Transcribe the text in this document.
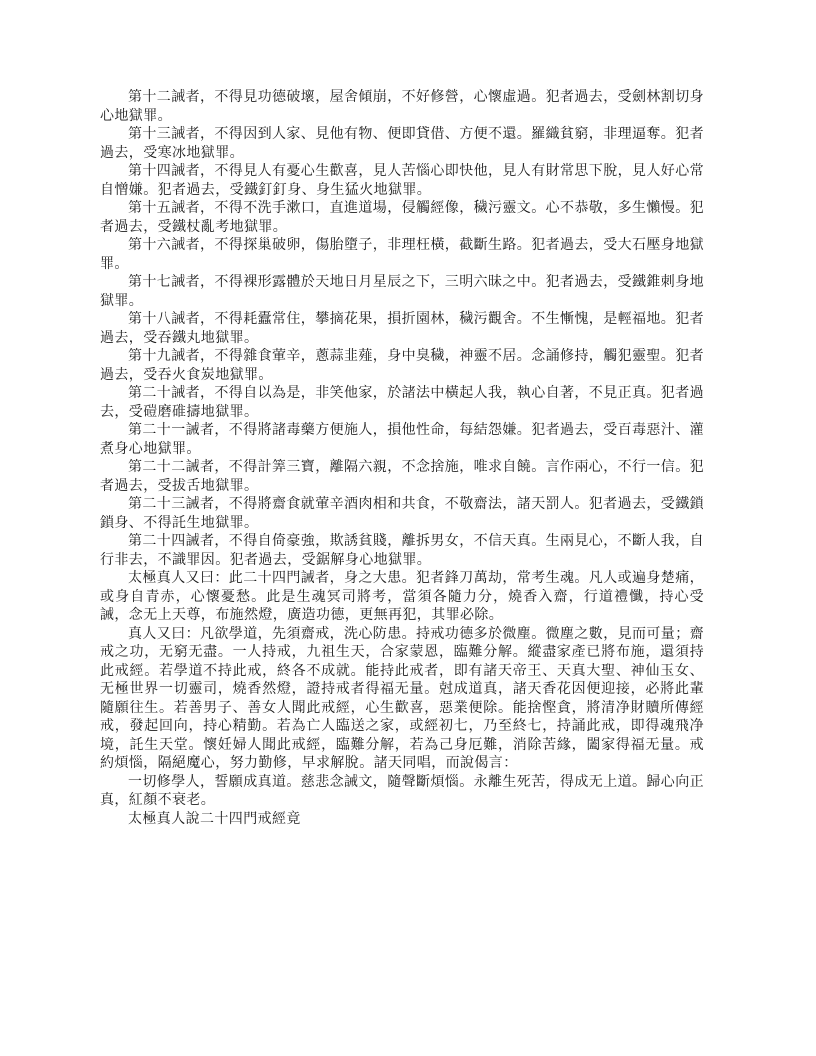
第十二誡者，不得見功德破壞，屋舍傾崩，不好修營，心懷虛過。犯者過去，受劍林割切身心地獄罪。

第十三誡者，不得因到人家、見他有物、便即貸借、方便不還。羅織貧窮，非理逼奪。犯者過去，受寒冰地獄罪。

第十四誡者，不得見人有憂心生歡喜，見人苦惱心即快他，見人有財常思下脫，見人好心常自憎嫌。犯者過去，受鐵釘釘身、身生猛火地獄罪。

第十五誡者，不得不洗手漱口，直進道場，侵觸經像，穢污靈文。心不恭敬，多生懶慢。犯者過去，受鐵杖亂考地獄罪。

第十六誡者，不得探巢破卵，傷胎墮子，非理枉橫，截斷生路。犯者過去，受大石壓身地獄罪。

第十七誡者，不得裸形露體於天地日月星辰之下，三明六昧之中。犯者過去，受鐵錐刺身地獄罪。

第十八誡者，不得耗蠹常住，攀摘花果，損折園林，穢污觀舍。不生慚愧，是輕福地。犯者過去，受吞鐵丸地獄罪。

第十九誡者，不得雜食葷辛，蔥蒜韭薤，身中臭穢，神靈不居。念誦修持，觸犯靈聖。犯者過去，受吞火食炭地獄罪。

第二十誡者，不得自以為是，非笑他家，於諸法中橫起人我，執心自著，不見正真。犯者過去，受磑磨碓擣地獄罪。

第二十一誡者，不得將諸毒藥方便施人，損他性命，每結怨嫌。犯者過去，受百毒惡汁、灌煮身心地獄罪。

第二十二誡者，不得計筭三寶，離隔六親，不念捨施，唯求自饒。言作兩心，不行一信。犯者過去，受拔舌地獄罪。

第二十三誡者，不得將齋食就葷辛酒肉相和共食，不敬齋法，諸天罰人。犯者過去，受鐵鎖鎖身、不得託生地獄罪。

第二十四誡者，不得自倚豪強，欺誘貧賤，離拆男女，不信天真。生兩見心，不斷人我，自行非去，不識罪因。犯者過去，受鋸解身心地獄罪。

太極真人又曰：此二十四門誡者，身之大患。犯者鋒刀萬劫，常考生魂。凡人或遍身楚痛，或身自青赤，心懷憂愁。此是生魂冥司將考，當須各隨力分，燒香入齋，行道禮懺，持心受誡，念无上天尊，布施然燈，廣造功德，更無再犯，其罪必除。

真人又曰：凡欲學道，先須齋戒，洗心防患。持戒功德多於微塵。微塵之數，見而可量；齋戒之功，无窮无盡。一人持戒，九祖生天，合家蒙恩，臨難分解。縱盡家產已將布施，還須持此戒經。若學道不持此戒，終各不成就。能持此戒者，即有諸天帝王、天真大聖、神仙玉女、无極世界一切靈司，燒香然燈，證持戒者得福无量。尅成道真，諸天香花因便迎接，必將此輩隨願往生。若善男子、善女人聞此戒經，心生歡喜，惡業便除。能捨慳貪，將清净財贖所傳經戒，發起回向，持心精勤。若為亡人臨送之家，或經初七，乃至終七，持誦此戒，即得魂飛净境，託生天堂。懷妊婦人聞此戒經，臨難分解，若為己身厄難，消除苦緣，闔家得福无量。戒約煩惱，隔絕魔心，努力勤修，早求解脫。諸天同唱，而說偈言：

一切修學人，誓願成真道。慈悲念誡文，隨聲斷煩惱。永離生死苦，得成无上道。歸心向正真，紅顏不衰老。

太極真人說二十四門戒經竟
